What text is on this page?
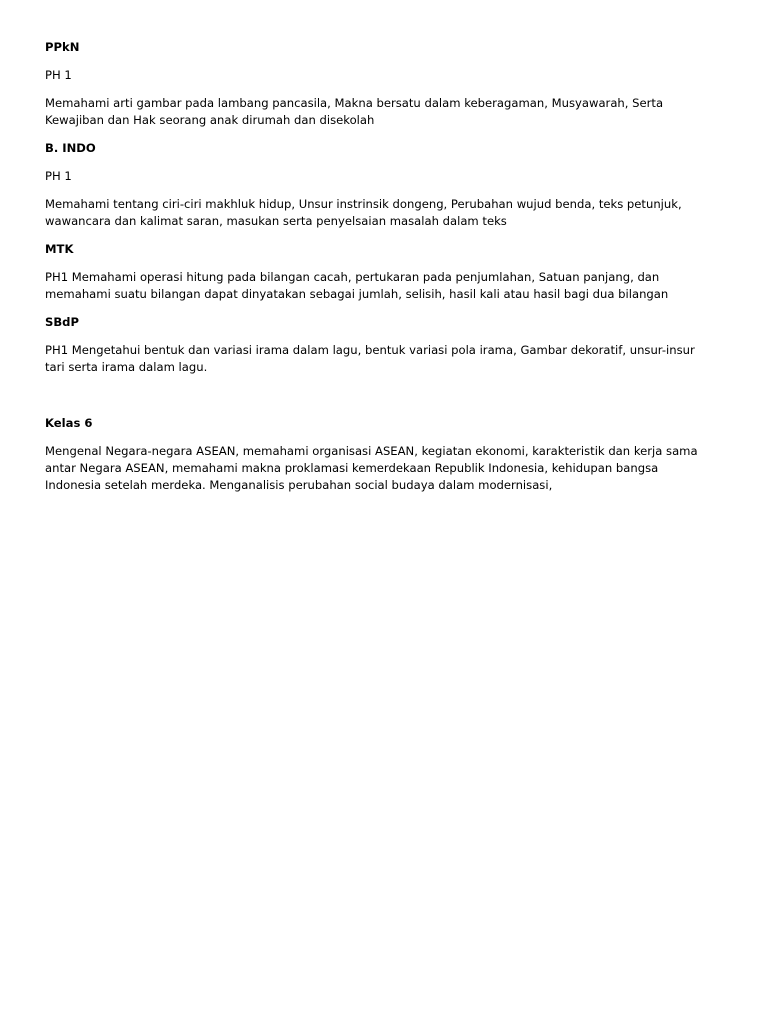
PPkN
PH 1
Memahami arti gambar pada lambang pancasila, Makna bersatu dalam keberagaman, Musyawarah, Serta Kewajiban dan Hak seorang anak dirumah dan disekolah
B. INDO
PH 1
Memahami tentang ciri-ciri makhluk hidup, Unsur instrinsik dongeng, Perubahan wujud benda, teks petunjuk, wawancara dan kalimat saran, masukan serta penyelsaian masalah dalam teks
MTK
PH1 Memahami operasi hitung pada bilangan cacah, pertukaran pada penjumlahan, Satuan panjang, dan memahami suatu bilangan dapat dinyatakan sebagai jumlah, selisih, hasil kali atau hasil bagi dua bilangan
SBdP
PH1 Mengetahui bentuk dan variasi irama dalam lagu, bentuk variasi pola irama, Gambar dekoratif, unsur-insur tari serta irama dalam lagu.
Kelas 6
Mengenal Negara-negara ASEAN, memahami organisasi ASEAN, kegiatan ekonomi, karakteristik dan kerja sama antar Negara ASEAN, memahami makna proklamasi kemerdekaan Republik Indonesia, kehidupan bangsa Indonesia setelah merdeka. Menganalisis perubahan social budaya dalam modernisasi,
